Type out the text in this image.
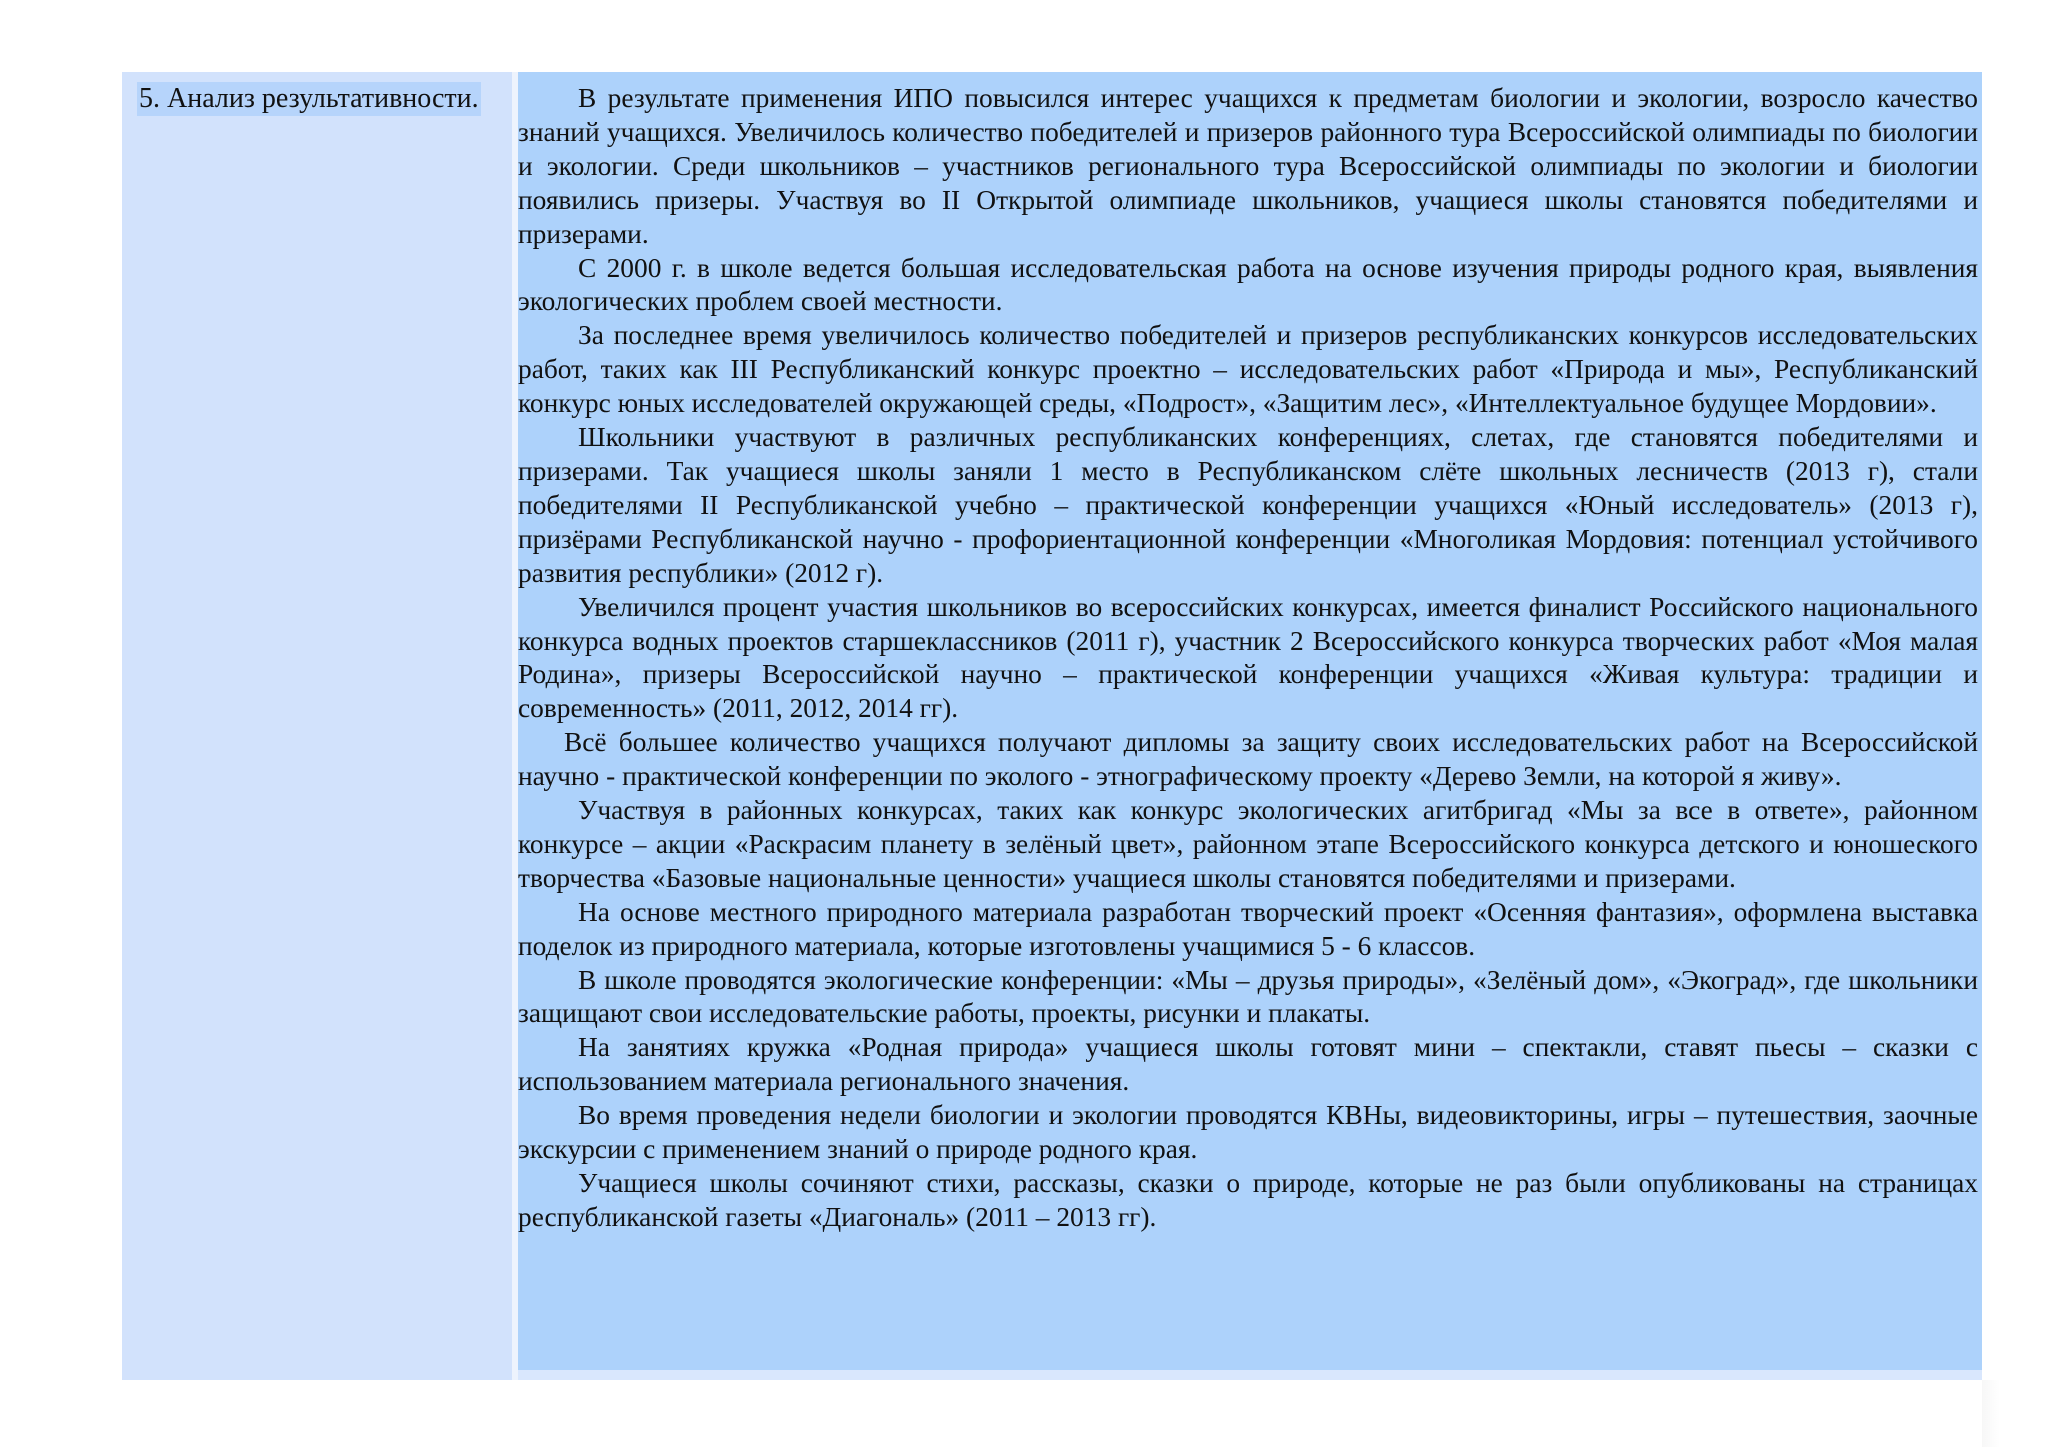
5. Анализ результативности.	В результате применения ИПО повысился интерес учащихся к предметам биологии и экологии, возросло качество знаний учащихся. Увеличилось количество победителей и призеров районного тура Всероссийской олимпиады по биологии и экологии. Среди школьников – участников регионального тура Всероссийской олимпиады по экологии и биологии появились призеры. Участвуя во II Открытой олимпиаде школьников, учащиеся школы становятся победителями и призерами.

С 2000 г. в школе ведется большая исследовательская работа на основе изучения природы родного края, выявления экологических проблем своей местности.

За последнее время увеличилось количество победителей и призеров республиканских конкурсов исследовательских работ, таких как III Республиканский конкурс проектно – исследовательских работ «Природа и мы», Республиканский конкурс юных исследователей окружающей среды, «Подрост», «Защитим лес», «Интеллектуальное будущее Мордовии».

Школьники участвуют в различных республиканских конференциях, слетах, где становятся победителями и призерами. Так учащиеся школы заняли 1 место в Республиканском слёте школьных лесничеств (2013 г), стали победителями II Республиканской учебно – практической конференции учащихся «Юный исследователь» (2013 г), призёрами Республиканской научно - профориентационной конференции «Многоликая Мордовия: потенциал устойчивого развития республики» (2012 г).

Увеличился процент участия школьников во всероссийских конкурсах, имеется финалист Российского национального конкурса водных проектов старшеклассников (2011 г), участник 2 Всероссийского конкурса творческих работ «Моя малая Родина», призеры Всероссийской научно – практической конференции учащихся «Живая культура: традиции и современность» (2011, 2012, 2014 гг).

Всё большее количество учащихся получают дипломы за защиту своих исследовательских работ на Всероссийской научно - практической конференции по эколого - этнографическому проекту «Дерево Земли, на которой я живу».

Участвуя в районных конкурсах, таких как конкурс экологических агитбригад «Мы за все в ответе», районном конкурсе – акции «Раскрасим планету в зелёный цвет», районном этапе Всероссийского конкурса детского и юношеского творчества «Базовые национальные ценности» учащиеся школы становятся победителями и призерами.

На основе местного природного материала разработан творческий проект «Осенняя фантазия», оформлена выставка поделок из природного материала, которые изготовлены учащимися 5 - 6 классов.

В школе проводятся экологические конференции: «Мы – друзья природы», «Зелёный дом», «Экоград», где школьники защищают свои исследовательские работы, проекты, рисунки и плакаты.

На занятиях кружка «Родная природа» учащиеся школы готовят мини – спектакли, ставят пьесы – сказки с использованием материала регионального значения.

Во время проведения недели биологии и экологии проводятся КВНы, видеовикторины, игры – путешествия, заочные экскурсии с применением знаний о природе родного края.

Учащиеся школы сочиняют стихи, рассказы, сказки о природе, которые не раз были опубликованы на страницах республиканской газеты «Диагональ» (2011 – 2013 гг).
